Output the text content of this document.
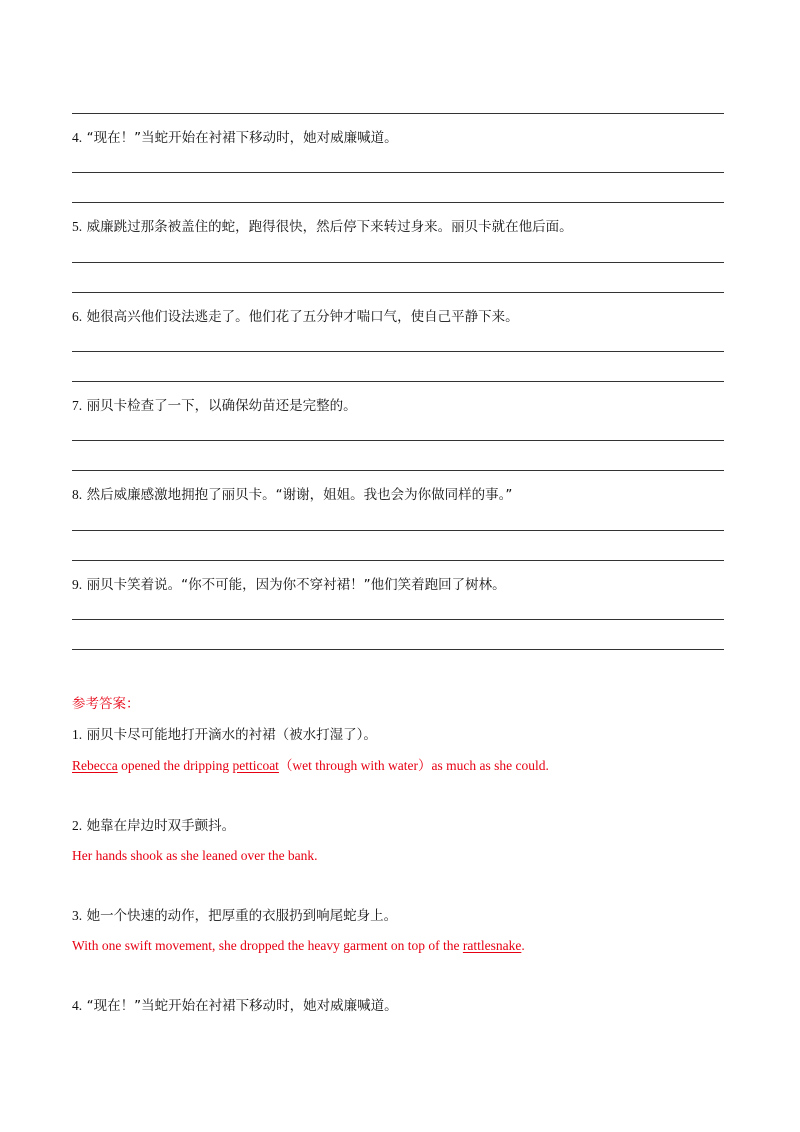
4. “现在！”当蛇开始在衬裙下移动时，她对威廉喊道。
5. 威廉跳过那条被盖住的蛇，跑得很快，然后停下来转过身来。丽贝卡就在他后面。
6. 她很高兴他们设法逃走了。他们花了五分钟才喘口气，使自己平静下来。
7. 丽贝卡检查了一下，以确保幼苗还是完整的。
8. 然后威廉感激地拥抱了丽贝卡。“谢谢，姐姐。我也会为你做同样的事。”
9. 丽贝卡笑着说。“你不可能，因为你不穿衬裙！”他们笑着跑回了树林。
参考答案：
1. 丽贝卡尽可能地打开滴水的衬裙（被水打湿了）。
Rebecca opened the dripping petticoat（wet through with water）as much as she could.
2. 她靠在岸边时双手颤抖。
Her hands shook as she leaned over the bank.
3. 她一个快速的动作，把厚重的衣服扔到响尾蛇身上。
With one swift movement, she dropped the heavy garment on top of the rattlesnake.
4. “现在！”当蛇开始在衬裙下移动时，她对威廉喊道。
